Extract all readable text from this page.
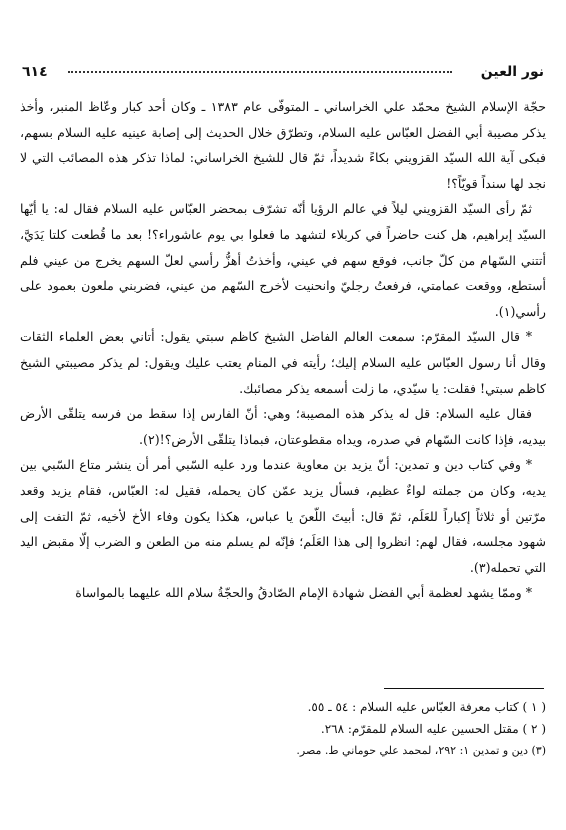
٦١٤	نور العين

حجّة الإسلام الشيخ محمّد علي الخراساني ـ المتوفّى عام ١٣٨٣ ـ وكان أحد كبار وعّاظ المنبر، وأخذ يذكر مصيبة أبي الفضل العبّاس عليه السلام، وتطرّق خلال الحديث إلى إصابة عينيه عليه السلام بسهم، فبكى آية الله السيّد القزويني بكاءً شديداً، ثمّ قال للشيخ الخراساني: لماذا تذكر هذه المصائب التي لا نجد لها سنداً قويّاً؟!

ثمّ رأى السيّد القزويني ليلاً في عالم الرؤيا أنّه تشرّف بمحضر العبّاس عليه السلام فقال له: يا أيّها السيّد إبراهيم، هل كنت حاضراً في كربلاء لتشهد ما فعلوا بي يوم عاشوراء؟! بعد ما قُطعت كلتا يَدَيَّ، أتتني السّهام من كلّ جانب، فوقع سهم في عيني، وأخذتُ أهزُّ رأسي لعلّ السهم يخرج من عيني فلم أستطع، ووقعت عمامتي، فرفعتُ رجليّ وانحنيت لأخرج السّهم من عيني، فضربني ملعون بعمود على رأسي(١).

* قال السيّد المقرّم: سمعت العالم الفاضل الشيخ كاظم سبتي يقول: أتاني بعض العلماء الثقات وقال أنا رسول العبّاس عليه السلام إليك؛ رأيته في المنام يعتب عليك ويقول: لم يذكر مصيبتي الشيخ كاظم سبتي! فقلت: يا سيّدي، ما زلت أسمعه يذكر مصائبك.

فقال عليه السلام: قل له يذكر هذه المصيبة؛ وهي: أنّ الفارس إذا سقط من فرسه يتلقّى الأرض بيديه، فإذا كانت السّهام في صدره، ويداه مقطوعتان، فبماذا يتلقّى الأرض؟!(٢).

* وفي كتاب دين و تمدين: أنّ يزيد بن معاوية عندما ورد عليه السّبي أمر أن ينشر متاع السّبي بين يديه، وكان من جملته لواءٌ عظيم، فسأل يزيد عمّن كان يحمله، فقيل له: العبّاس، فقام يزيد وقعد مرّتين أو ثلاثاً إكباراً للعَلَم، ثمّ قال: أبيتَ اللّعنَ يا عباس، هكذا يكون وفاء الأخ لأخيه، ثمّ التفت إلى شهود مجلسه، فقال لهم: انظروا إلى هذا العَلَم؛ فإنّه لم يسلم منه من الطعن و الضرب إلّا مقبض اليد التي تحمله(٣).

* وممّا يشهد لعظمة أبي الفضل شهادة الإمام الصّادقُ والحجّةُ سلام الله عليهما بالمواساة

( ١ ) كتاب معرفة العبّاس عليه السلام : ٥٤ ـ ٥٥.

( ٢ ) مقتل الحسين عليه السلام للمقرّم: ٢٦٨.

(٣) دين و تمدين ١: ٢٩٢، لمحمد علي حوماني ط. مصر.
